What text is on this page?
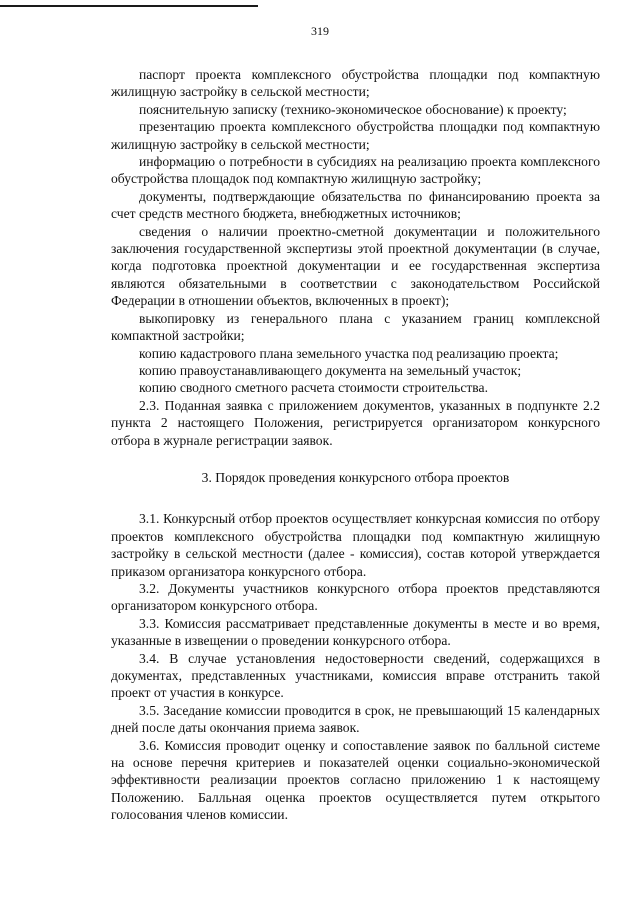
319

паспорт проекта комплексного обустройства площадки под компактную жилищную застройку в сельской местности;

пояснительную записку (технико-экономическое обоснование) к проекту;

презентацию проекта комплексного обустройства площадки под компактную жилищную застройку в сельской местности;

информацию о потребности в субсидиях на реализацию проекта комплексного обустройства площадок под компактную жилищную застройку;

документы, подтверждающие обязательства по финансированию проекта за счет средств местного бюджета, внебюджетных источников;

сведения о наличии проектно-сметной документации и положительного заключения государственной экспертизы этой проектной документации (в случае, когда подготовка проектной документации и ее государственная экспертиза являются обязательными в соответствии с законодательством Российской Федерации в отношении объектов, включенных в проект);

выкопировку из генерального плана с указанием границ комплексной компактной застройки;

копию кадастрового плана земельного участка под реализацию проекта;

копию правоустанавливающего документа на земельный участок;

копию сводного сметного расчета стоимости строительства.

2.3. Поданная заявка с приложением документов, указанных в подпункте 2.2 пункта 2 настоящего Положения, регистрируется организатором конкурсного отбора в журнале регистрации заявок.

3. Порядок проведения конкурсного отбора проектов

3.1. Конкурсный отбор проектов осуществляет конкурсная комиссия по отбору проектов комплексного обустройства площадки под компактную жилищную застройку в сельской местности (далее - комиссия), состав которой утверждается приказом организатора конкурсного отбора.

3.2. Документы участников конкурсного отбора проектов представляются организатором конкурсного отбора.

3.3. Комиссия рассматривает представленные документы в месте и во время, указанные в извещении о проведении конкурсного отбора.

3.4. В случае установления недостоверности сведений, содержащихся в документах, представленных участниками, комиссия вправе отстранить такой проект от участия в конкурсе.

3.5. Заседание комиссии проводится в срок, не превышающий 15 календарных дней после даты окончания приема заявок.

3.6. Комиссия проводит оценку и сопоставление заявок по балльной системе на основе перечня критериев и показателей оценки социально-экономической эффективности реализации проектов согласно приложению 1 к настоящему Положению. Балльная оценка проектов осуществляется путем открытого голосования членов комиссии.
